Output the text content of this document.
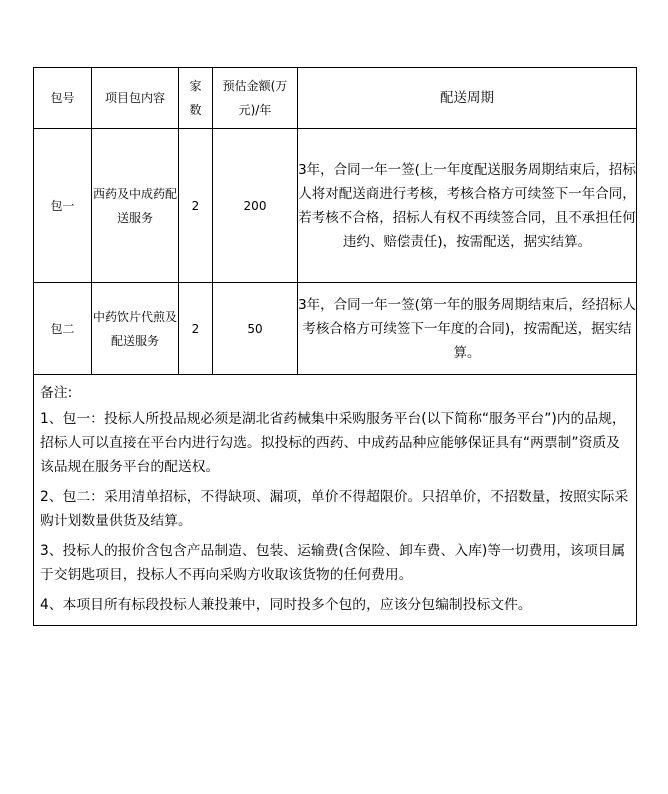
包号	项目包内容	家数	预估金额(万元)/年	配送周期
包一	西药及中成药配送服务	2	200	3年，合同一年一签(上一年度配送服务周期结束后，招标人将对配送商进行考核，考核合格方可续签下一年合同，若考核不合格，招标人有权不再续签合同，且不承担任何违约、赔偿责任)，按需配送，据实结算。
包二	中药饮片代煎及配送服务	2	50	3年，合同一年一签(第一年的服务周期结束后，经招标人考核合格方可续签下一年度的合同)，按需配送，据实结算。

备注:

1、包一：投标人所投品规必须是湖北省药械集中采购服务平台(以下简称“服务平台”)内的品规，招标人可以直接在平台内进行勾选。拟投标的西药、中成药品种应能够保证具有“两票制”资质及该品规在服务平台的配送权。

2、包二：采用清单招标，不得缺项、漏项，单价不得超限价。只招单价，不招数量，按照实际采购计划数量供货及结算。

3、投标人的报价含包含产品制造、包装、运输费(含保险、卸车费、入库)等一切费用，该项目属于交钥匙项目，投标人不再向采购方收取该货物的任何费用。

4、本项目所有标段投标人兼投兼中，同时投多个包的，应该分包编制投标文件。				
